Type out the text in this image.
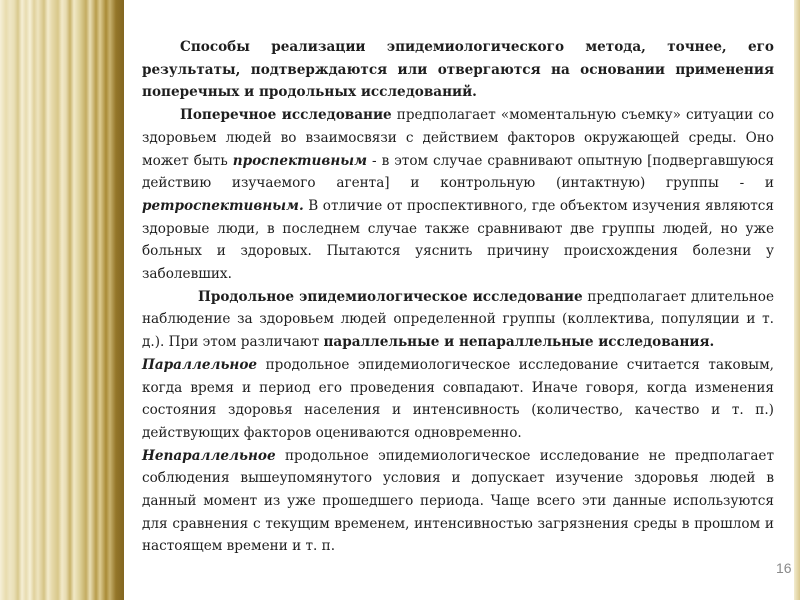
Способы реализации эпидемиологического метода, точнее, его результаты, подтверждаются или отвергаются на основании применения поперечных и продольных исследований.

Поперечное исследование предполагает «моментальную съемку» ситуации со здоровьем людей во взаимосвязи с действием факторов окружающей среды. Оно может быть проспективным - в этом случае сравнивают опытную [подвергавшуюся действию изучаемого агента] и контрольную (интактную) группы - и ретроспективным. В отличие от проспективного, где объектом изучения являются здоровые люди, в последнем случае также сравнивают две группы людей, но уже больных и здоровых. Пытаются уяснить причину происхождения болезни у заболевших.

Продольное эпидемиологическое исследование предполагает длительное наблюдение за здоровьем людей определенной группы (коллектива, популяции и т. д.). При этом различают параллельные и непараллельные исследования.

Параллельное продольное эпидемиологическое исследование считается таковым, когда время и период его проведения совпадают. Иначе говоря, когда изменения состояния здоровья населения и интенсивность (количество, качество и т. п.) действующих факторов оцениваются одновременно.

Непараллельное продольное эпидемиологическое исследование не предполагает соблюдения вышеупомянутого условия и допускает изучение здоровья людей в данный момент из уже прошедшего периода. Чаще всего эти данные используются для сравнения с текущим временем, интенсивностью загрязнения среды в прошлом и настоящем времени и т. п.

16
